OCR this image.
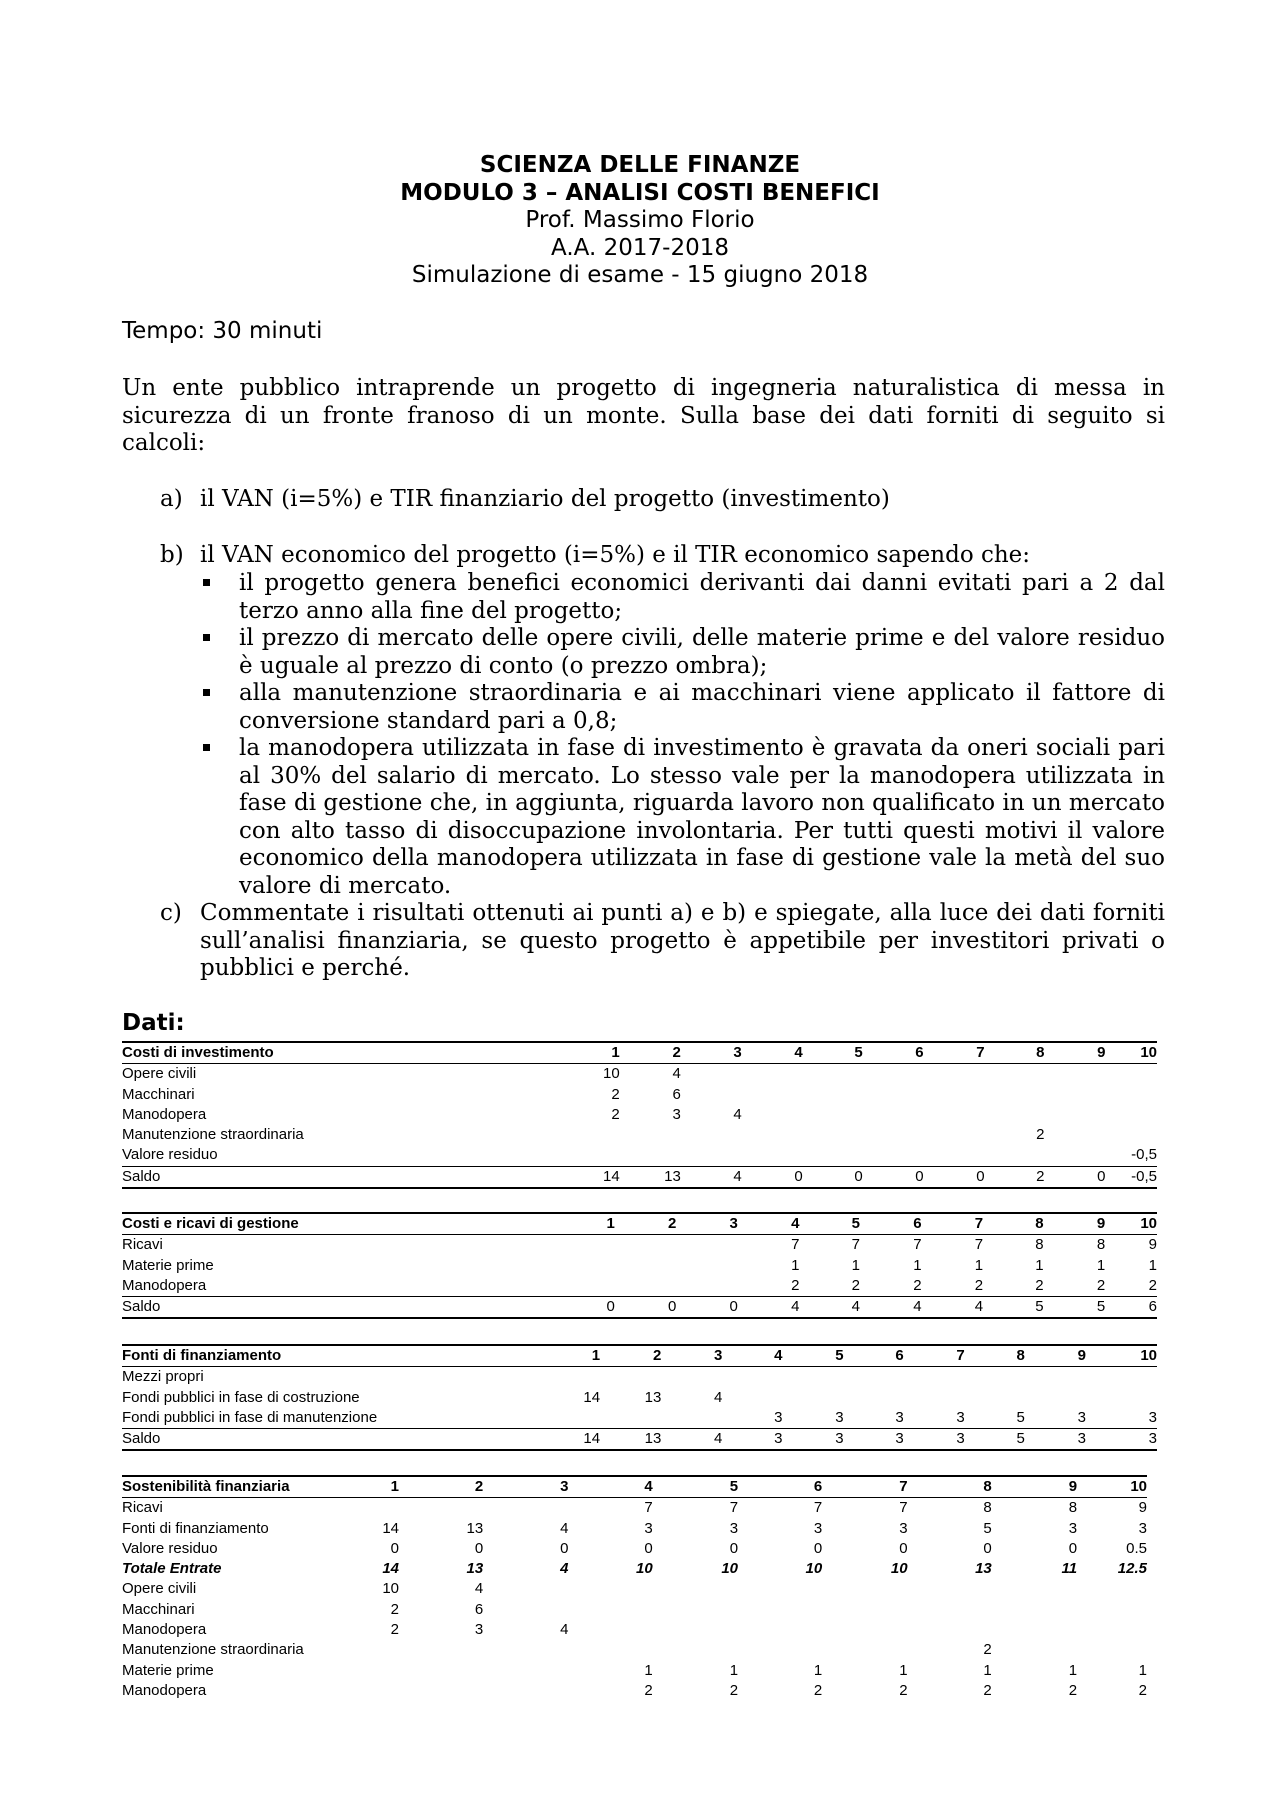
SCIENZA DELLE FINANZE
MODULO 3 – ANALISI COSTI BENEFICI
Prof. Massimo Florio
A.A. 2017-2018
Simulazione di esame - 15 giugno 2018
Tempo: 30 minuti
Un ente pubblico intraprende un progetto di ingegneria naturalistica di messa in sicurezza di un fronte franoso di un monte. Sulla base dei dati forniti di seguito si calcoli:
a) il VAN (i=5%) e TIR finanziario del progetto (investimento)
b) il VAN economico del progetto (i=5%) e il TIR economico sapendo che:
il progetto genera benefici economici derivanti dai danni evitati pari a 2 dal terzo anno alla fine del progetto;
il prezzo di mercato delle opere civili, delle materie prime e del valore residuo è uguale al prezzo di conto (o prezzo ombra);
alla manutenzione straordinaria e ai macchinari viene applicato il fattore di conversione standard pari a 0,8;
la manodopera utilizzata in fase di investimento è gravata da oneri sociali pari al 30% del salario di mercato. Lo stesso vale per la manodopera utilizzata in fase di gestione che, in aggiunta, riguarda lavoro non qualificato in un mercato con alto tasso di disoccupazione involontaria. Per tutti questi motivi il valore economico della manodopera utilizzata in fase di gestione vale la metà del suo valore di mercato.
c) Commentate i risultati ottenuti ai punti a) e b) e spiegate, alla luce dei dati forniti sull’analisi finanziaria, se questo progetto è appetibile per investitori privati o pubblici e perché.
Dati:
Costi di investimento	1	2	3	4	5	6	7	8	9	10
Opere civili	10	4								
Macchinari	2	6								
Manodopera	2	3	4							
Manutenzione straordinaria								2		
Valore residuo										-0,5
Saldo	14	13	4	0	0	0	0	2	0	-0,5
Costi e ricavi di gestione	1	2	3	4	5	6	7	8	9	10
Ricavi				7	7	7	7	8	8	9
Materie prime				1	1	1	1	1	1	1
Manodopera				2	2	2	2	2	2	2
Saldo	0	0	0	4	4	4	4	5	5	6
Fonti di finanziamento	1	2	3	4	5	6	7	8	9	10
Mezzi propri										
Fondi pubblici in fase di costruzione	14	13	4							
Fondi pubblici in fase di manutenzione				3	3	3	3	5	3	3
Saldo	14	13	4	3	3	3	3	5	3	3
Sostenibilità finanziaria	1	2	3	4	5	6	7	8	9	10
Ricavi				7	7	7	7	8	8	9
Fonti di finanziamento	14	13	4	3	3	3	3	5	3	3
Valore residuo	0	0	0	0	0	0	0	0	0	0.5
Totale Entrate	14	13	4	10	10	10	10	13	11	12.5
Opere civili	10	4								
Macchinari	2	6								
Manodopera	2	3	4							
Manutenzione straordinaria								2		
Materie prime				1	1	1	1	1	1	1
Manodopera				2	2	2	2	2	2	2
